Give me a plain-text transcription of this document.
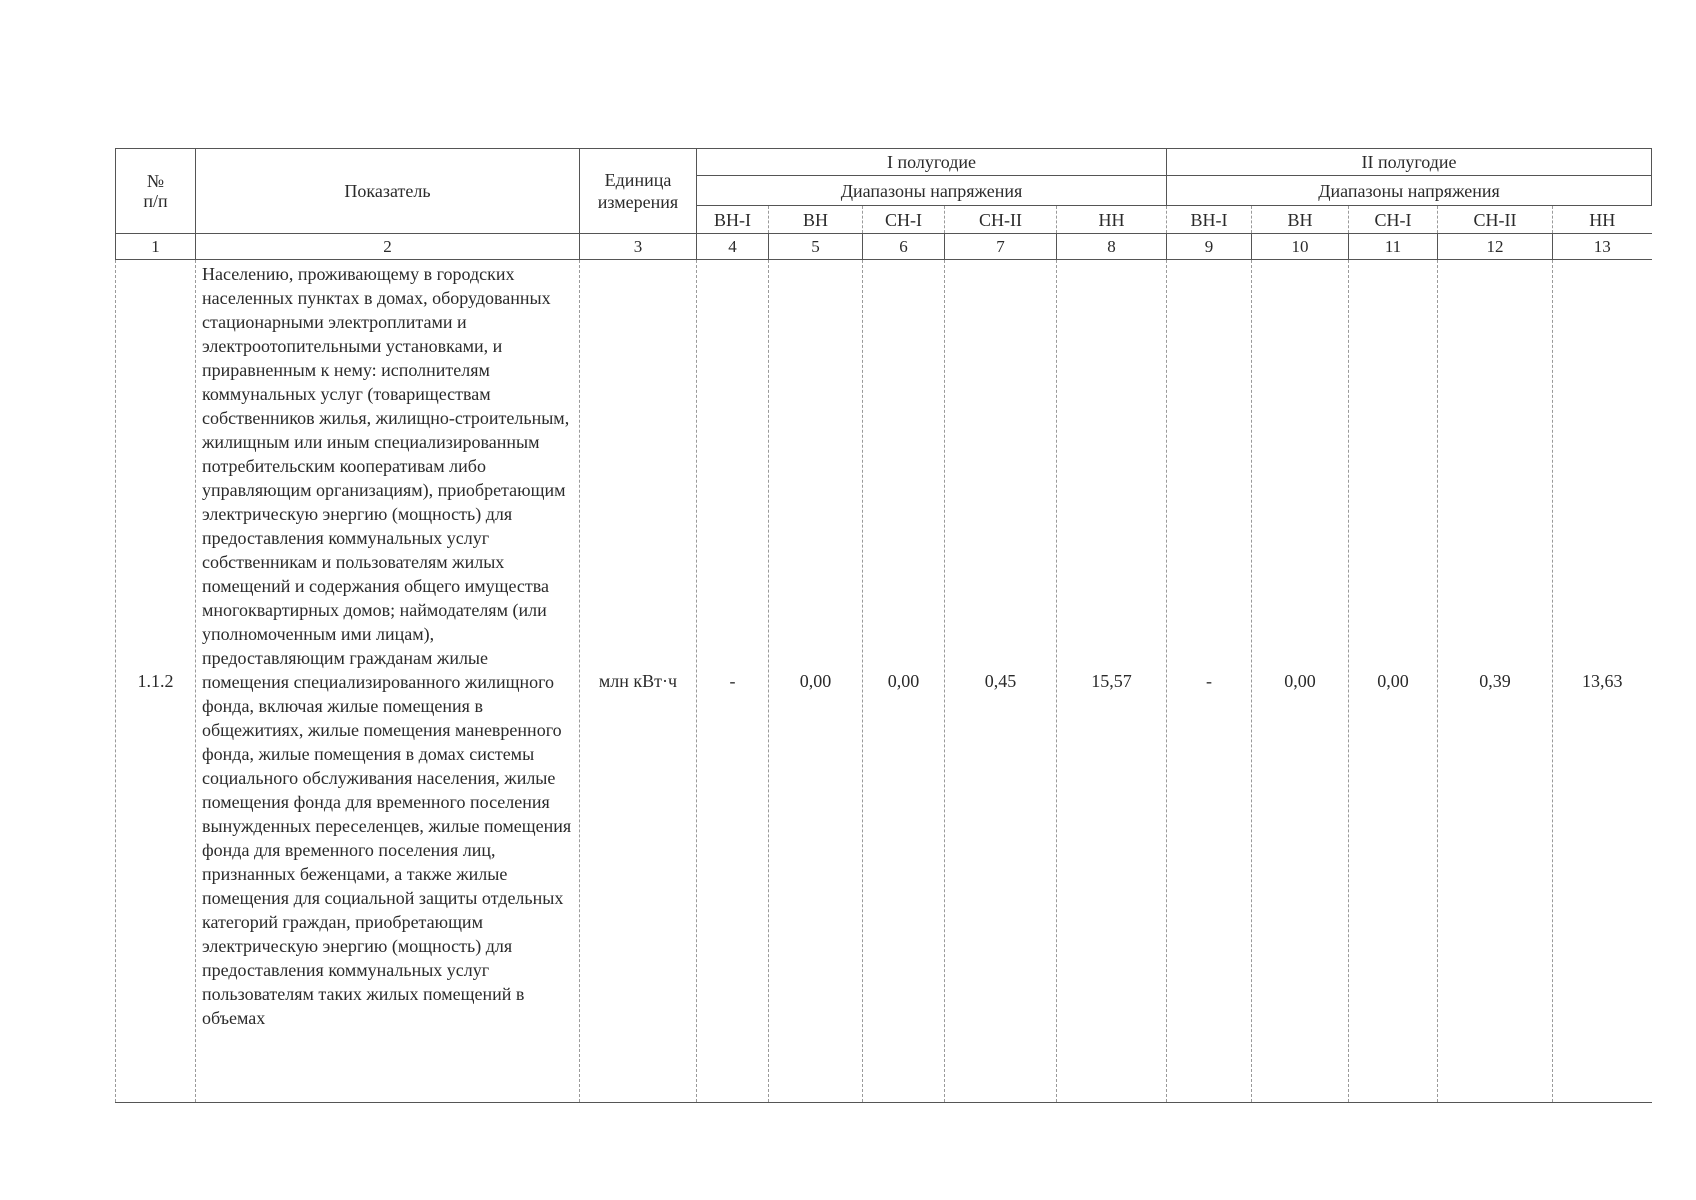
№
п/п	Показатель	Единица измерения	I полугодие					II полугодие				
			Диапазоны напряжения					Диапазоны напряжения				
			ВН-I	ВН	СН-I	СН-II	НН	ВН-I	ВН	СН-I	СН-II	НН
1	2	3	4	5	6	7	8	9	10	11	12	13
1.1.2	Населению, проживающему в городских населенных пунктах в домах, оборудованных стационарными электроплитами и электроотопительными установками, и приравненным к нему: исполнителям коммунальных услуг (товариществам собственников жилья, жилищно-строительным, жилищным или иным специализированным потребительским кооперативам либо управляющим организациям), приобретающим электрическую энергию (мощность) для предоставления коммунальных услуг собственникам и пользователям жилых помещений и содержания общего имущества многоквартирных домов; наймодателям (или уполномоченным ими лицам), предоставляющим гражданам жилые помещения специализированного жилищного фонда, включая жилые помещения в общежитиях, жилые помещения маневренного фонда, жилые помещения в домах системы социального обслуживания населения, жилые помещения фонда для временного поселения вынужденных переселенцев, жилые помещения фонда для временного поселения лиц, признанных беженцами, а также жилые помещения для социальной защиты отдельных категорий граждан, приобретающим электрическую энергию (мощность) для предоставления коммунальных услуг пользователям таких жилых помещений в объемах	млн кВт·ч	-	0,00	0,00	0,45	15,57	-	0,00	0,00	0,39	13,63
